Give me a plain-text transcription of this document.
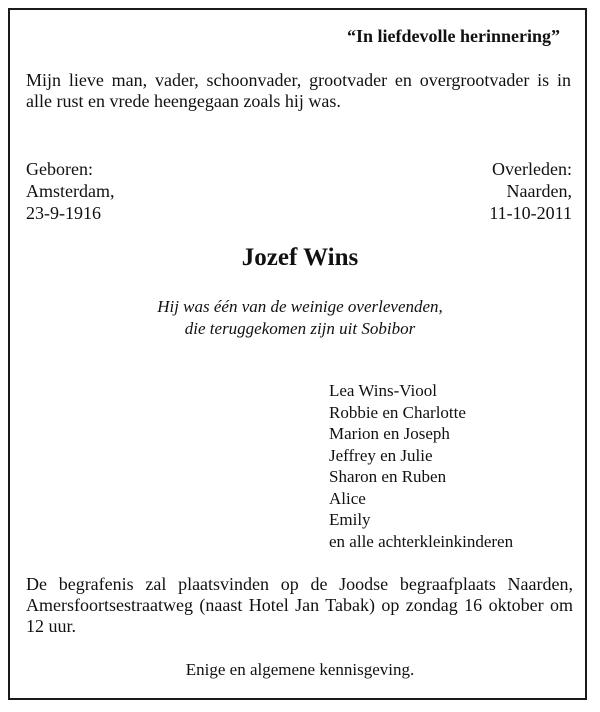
“In liefdevolle herinnering”

Mijn lieve man, vader, schoonvader, grootvader en overgrootvader is in alle rust en vrede heengegaan zoals hij was.

Geboren:
Amsterdam,
23-9-1916
Overleden:
Naarden,
11-10-2011
Jozef Wins
Hij was één van de weinige overlevenden,
die teruggekomen zijn uit Sobibor
Lea Wins-Viool
Robbie en Charlotte
Marion en Joseph
Jeffrey en Julie
Sharon en Ruben
Alice
Emily
en alle achterkleinkinderen

De begrafenis zal plaatsvinden op de Joodse begraafplaats Naarden, Amersfoortsestraatweg (naast Hotel Jan Tabak) op zondag 16 oktober om 12 uur.

Enige en algemene kennisgeving.
